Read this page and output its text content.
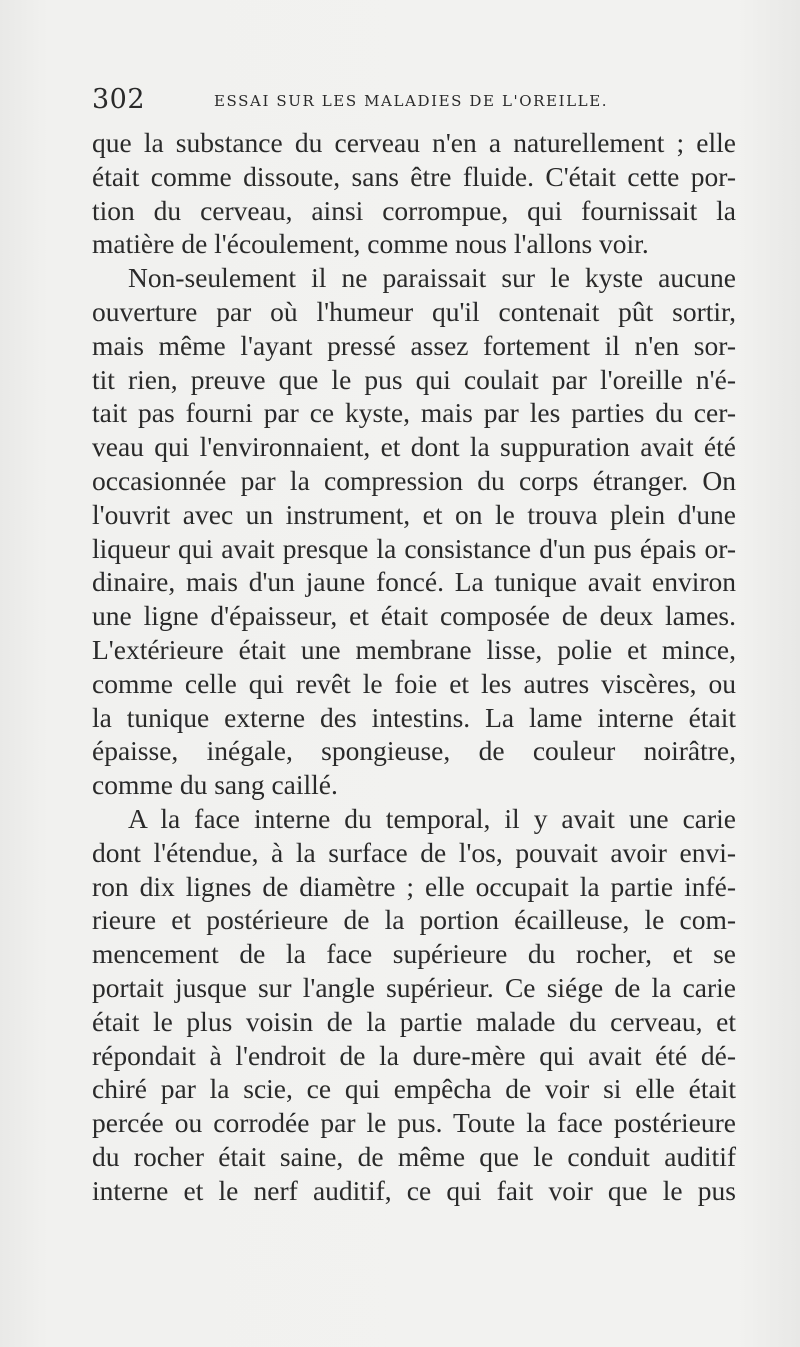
302	ESSAI SUR LES MALADIES DE L'OREILLE.
que la substance du cerveau n'en a naturellement ; elle
était comme dissoute, sans être fluide. C'était cette por-
tion du cerveau, ainsi corrompue, qui fournissait la
matière de l'écoulement, comme nous l'allons voir.
Non-seulement il ne paraissait sur le kyste aucune
ouverture par où l'humeur qu'il contenait pût sortir,
mais même l'ayant pressé assez fortement il n'en sor-
tit rien, preuve que le pus qui coulait par l'oreille n'é-
tait pas fourni par ce kyste, mais par les parties du cer-
veau qui l'environnaient, et dont la suppuration avait été
occasionnée par la compression du corps étranger. On
l'ouvrit avec un instrument, et on le trouva plein d'une
liqueur qui avait presque la consistance d'un pus épais or-
dinaire, mais d'un jaune foncé. La tunique avait environ
une ligne d'épaisseur, et était composée de deux lames.
L'extérieure était une membrane lisse, polie et mince,
comme celle qui revêt le foie et les autres viscères, ou
la tunique externe des intestins. La lame interne était
épaisse, inégale, spongieuse, de couleur noirâtre,
comme du sang caillé.
A la face interne du temporal, il y avait une carie
dont l'étendue, à la surface de l'os, pouvait avoir envi-
ron dix lignes de diamètre ; elle occupait la partie infé-
rieure et postérieure de la portion écailleuse, le com-
mencement de la face supérieure du rocher, et se
portait jusque sur l'angle supérieur. Ce siége de la carie
était le plus voisin de la partie malade du cerveau, et
répondait à l'endroit de la dure-mère qui avait été dé-
chiré par la scie, ce qui empêcha de voir si elle était
percée ou corrodée par le pus. Toute la face postérieure
du rocher était saine, de même que le conduit auditif
interne et le nerf auditif, ce qui fait voir que le pus
